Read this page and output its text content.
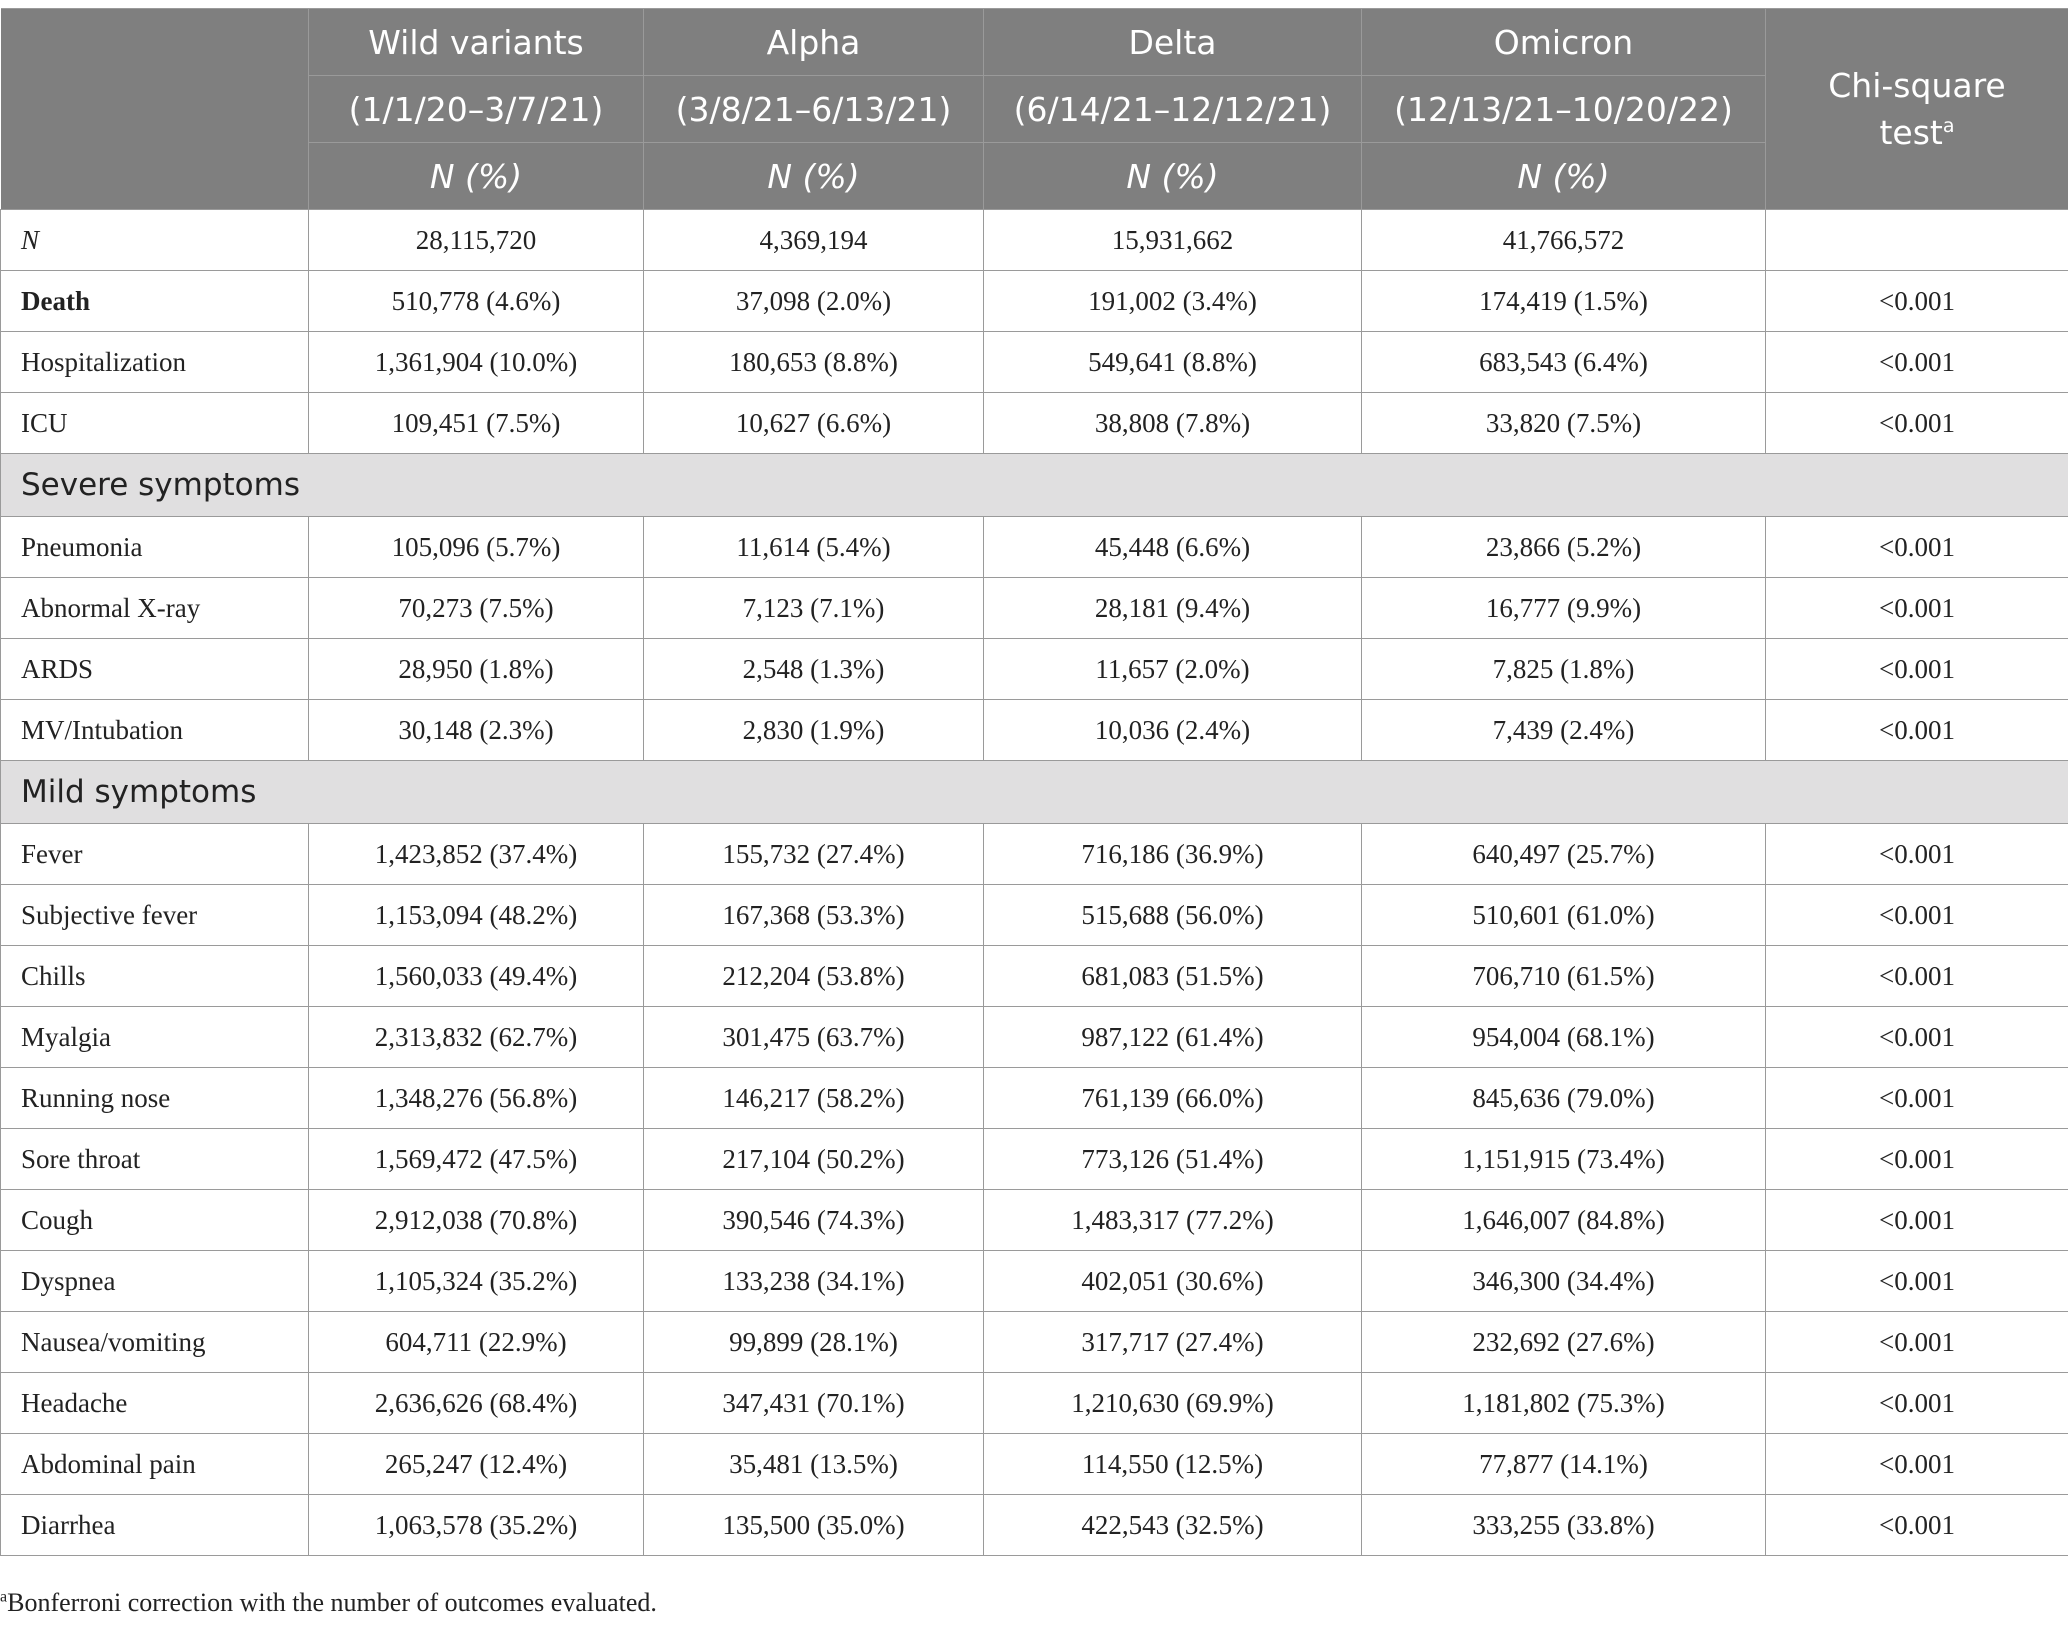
	Wild variants	Alpha	Delta	Omicron	Chi-square
test$^a$
	(1/1/20–3/7/21)	(3/8/21–6/13/21)	(6/14/21–12/12/21)	(12/13/21–10/20/22)	
	N (%)	N (%)	N (%)	N (%)	
N	28,115,720	4,369,194	15,931,662	41,766,572	
Death	510,778 (4.6%)	37,098 (2.0%)	191,002 (3.4%)	174,419 (1.5%)	<0.001
Hospitalization	1,361,904 (10.0%)	180,653 (8.8%)	549,641 (8.8%)	683,543 (6.4%)	<0.001
ICU	109,451 (7.5%)	10,627 (6.6%)	38,808 (7.8%)	33,820 (7.5%)	<0.001
Severe symptoms					
Pneumonia	105,096 (5.7%)	11,614 (5.4%)	45,448 (6.6%)	23,866 (5.2%)	<0.001
Abnormal X-ray	70,273 (7.5%)	7,123 (7.1%)	28,181 (9.4%)	16,777 (9.9%)	<0.001
ARDS	28,950 (1.8%)	2,548 (1.3%)	11,657 (2.0%)	7,825 (1.8%)	<0.001
MV/Intubation	30,148 (2.3%)	2,830 (1.9%)	10,036 (2.4%)	7,439 (2.4%)	<0.001
Mild symptoms					
Fever	1,423,852 (37.4%)	155,732 (27.4%)	716,186 (36.9%)	640,497 (25.7%)	<0.001
Subjective fever	1,153,094 (48.2%)	167,368 (53.3%)	515,688 (56.0%)	510,601 (61.0%)	<0.001
Chills	1,560,033 (49.4%)	212,204 (53.8%)	681,083 (51.5%)	706,710 (61.5%)	<0.001
Myalgia	2,313,832 (62.7%)	301,475 (63.7%)	987,122 (61.4%)	954,004 (68.1%)	<0.001
Running nose	1,348,276 (56.8%)	146,217 (58.2%)	761,139 (66.0%)	845,636 (79.0%)	<0.001
Sore throat	1,569,472 (47.5%)	217,104 (50.2%)	773,126 (51.4%)	1,151,915 (73.4%)	<0.001
Cough	2,912,038 (70.8%)	390,546 (74.3%)	1,483,317 (77.2%)	1,646,007 (84.8%)	<0.001
Dyspnea	1,105,324 (35.2%)	133,238 (34.1%)	402,051 (30.6%)	346,300 (34.4%)	<0.001
Nausea/vomiting	604,711 (22.9%)	99,899 (28.1%)	317,717 (27.4%)	232,692 (27.6%)	<0.001
Headache	2,636,626 (68.4%)	347,431 (70.1%)	1,210,630 (69.9%)	1,181,802 (75.3%)	<0.001
Abdominal pain	265,247 (12.4%)	35,481 (13.5%)	114,550 (12.5%)	77,877 (14.1%)	<0.001
Diarrhea	1,063,578 (35.2%)	135,500 (35.0%)	422,543 (32.5%)	333,255 (33.8%)	<0.001
$^a$Bonferroni correction with the number of outcomes evaluated.
